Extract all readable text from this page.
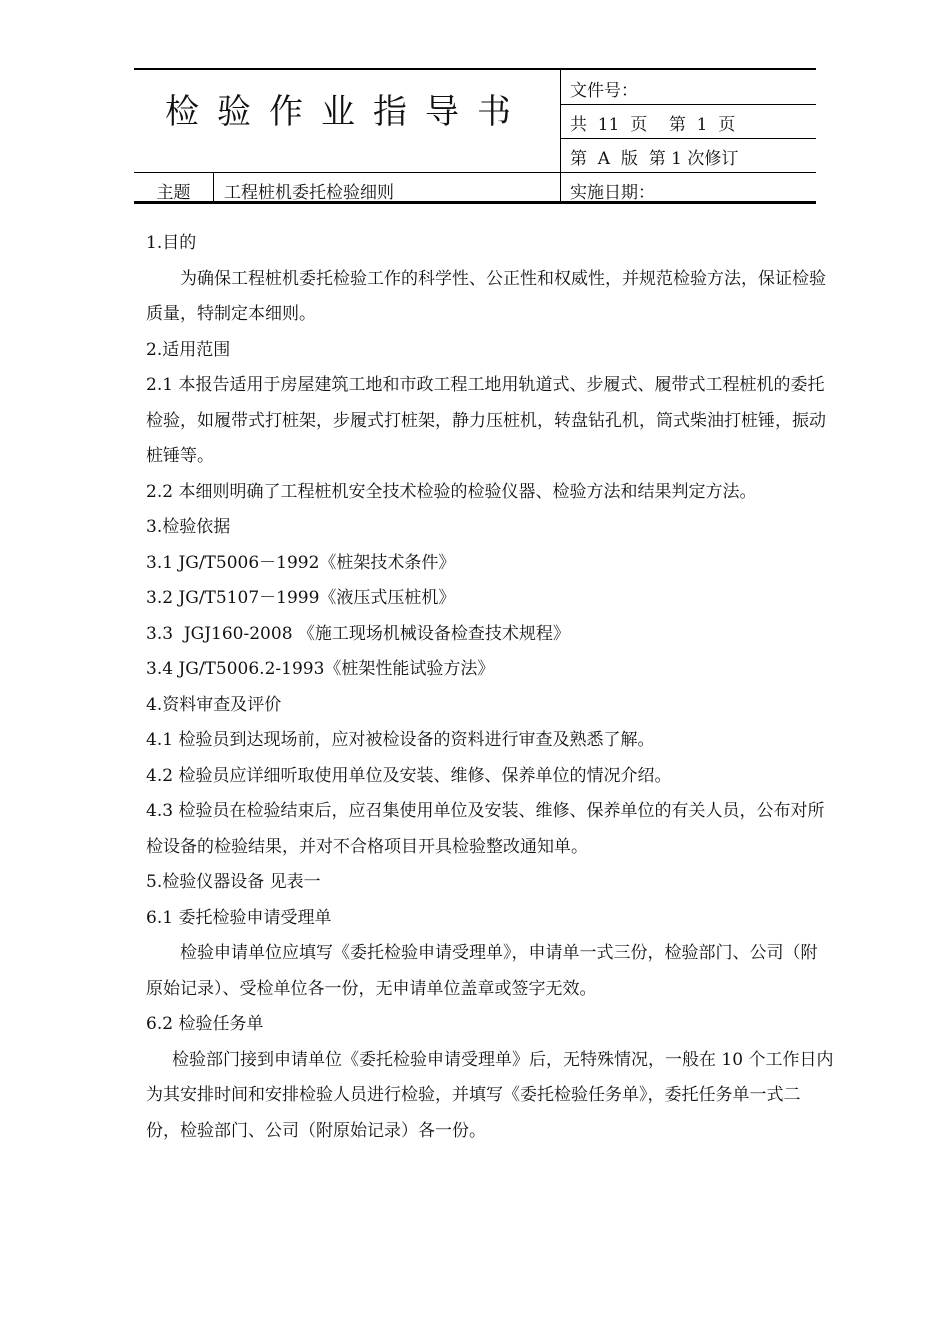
检验作业指导书
文件号：
共  11  页    第  1  页
第  A  版  第 1 次修订
主题	工程桩机委托检验细则	实施日期：

1.目的

为确保工程桩机委托检验工作的科学性、公正性和权威性，并规范检验方法，保证检验质量，特制定本细则。

2.适用范围

2.1 本报告适用于房屋建筑工地和市政工程工地用轨道式、步履式、履带式工程桩机的委托检验，如履带式打桩架，步履式打桩架，静力压桩机，转盘钻孔机，筒式柴油打桩锤，振动桩锤等。

2.2 本细则明确了工程桩机安全技术检验的检验仪器、检验方法和结果判定方法。

3.检验依据

3.1 JG/T5006－1992《桩架技术条件》

3.2 JG/T5107－1999《液压式压桩机》

3.3  JGJ160-2008 《施工现场机械设备检查技术规程》

3.4 JG/T5006.2-1993《桩架性能试验方法》

4.资料审查及评价

4.1 检验员到达现场前，应对被检设备的资料进行审查及熟悉了解。

4.2 检验员应详细听取使用单位及安装、维修、保养单位的情况介绍。

4.3 检验员在检验结束后，应召集使用单位及安装、维修、保养单位的有关人员，公布对所检设备的检验结果，并对不合格项目开具检验整改通知单。

5.检验仪器设备 见表一

6.1 委托检验申请受理单

检验申请单位应填写《委托检验申请受理单》，申请单一式三份，检验部门、公司（附原始记录）、受检单位各一份，无申请单位盖章或签字无效。

6.2 检验任务单

检验部门接到申请单位《委托检验申请受理单》后，无特殊情况，一般在 10 个工作日内为其安排时间和安排检验人员进行检验，并填写《委托检验任务单》，委托任务单一式二份，检验部门、公司（附原始记录）各一份。
